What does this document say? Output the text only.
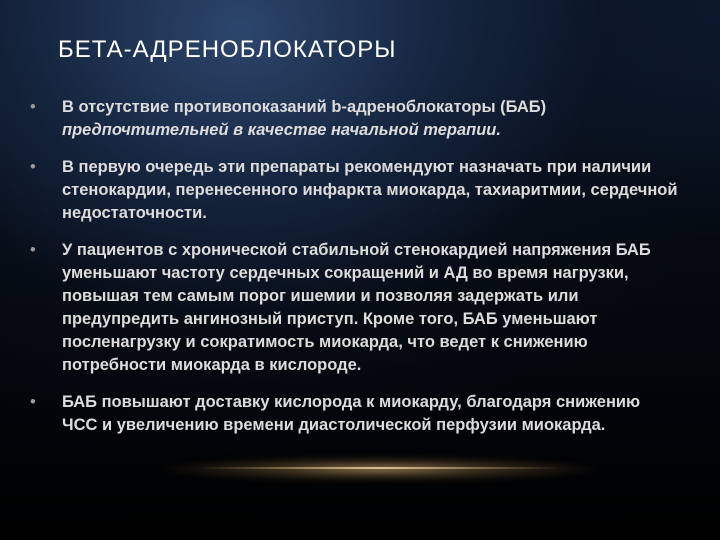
БЕТА-АДРЕНОБЛОКАТОРЫ
• В отсутствие противопоказаний b-адреноблокаторы (БАБ) предпочтительней в качестве начальной терапии.
• В первую очередь эти препараты рекомендуют назначать при наличии стенокардии, перенесенного инфаркта миокарда, тахиаритмии, сердечной недостаточности.
• У пациентов с хронической стабильной стенокардией напряжения БАБ уменьшают частоту сердечных сокращений и АД во время нагрузки, повышая тем самым порог ишемии и позволяя задержать или предупредить ангинозный приступ. Кроме того, БАБ уменьшают посленагрузку и сократимость миокарда, что ведет к снижению потребности миокарда в кислороде.
• БАБ повышают доставку кислорода к миокарду, благодаря снижению ЧСС и увеличению времени диастолической перфузии миокарда.
